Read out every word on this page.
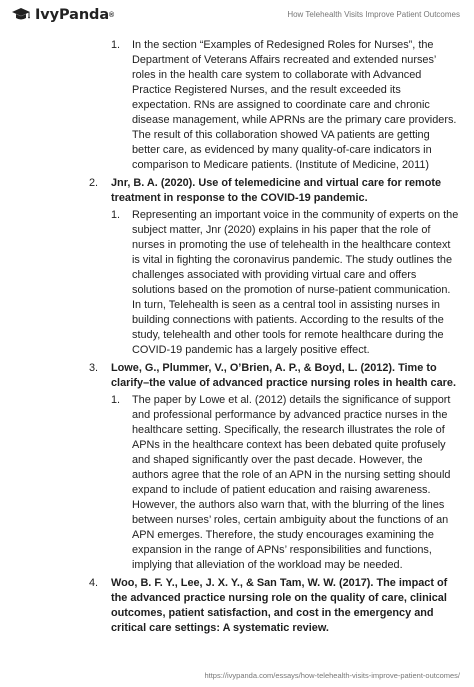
IvyPanda ®	How Telehealth Visits Improve Patient Outcomes
1. In the section “Examples of Redesigned Roles for Nurses”, the
Department of Veterans Affairs recreated and extended nurses’
roles in the health care system to collaborate with Advanced
Practice Registered Nurses, and the result exceeded its
expectation. RNs are assigned to coordinate care and chronic
disease management, while APRNs are the primary care providers.
The result of this collaboration showed VA patients are getting
better care, as evidenced by many quality-of-care indicators in
comparison to Medicare patients. (Institute of Medicine, 2011)
2. Jnr, B. A. (2020). Use of telemedicine and virtual care for remote
treatment in response to the COVID-19 pandemic.
1. Representing an important voice in the community of experts on the
subject matter, Jnr (2020) explains in his paper that the role of
nurses in promoting the use of telehealth in the healthcare context
is vital in fighting the coronavirus pandemic. The study outlines the
challenges associated with providing virtual care and offers
solutions based on the promotion of nurse-patient communication.
In turn, Telehealth is seen as a central tool in assisting nurses in
building connections with patients. According to the results of the
study, telehealth and other tools for remote healthcare during the
COVID-19 pandemic has a largely positive effect.
3. Lowe, G., Plummer, V., O’Brien, A. P., & Boyd, L. (2012). Time to
clarify–the value of advanced practice nursing roles in health care.
1. The paper by Lowe et al. (2012) details the significance of support
and professional performance by advanced practice nurses in the
healthcare setting. Specifically, the research illustrates the role of
APNs in the healthcare context has been debated quite profusely
and shaped significantly over the past decade. However, the
authors agree that the role of an APN in the nursing setting should
expand to include of patient education and raising awareness.
However, the authors also warn that, with the blurring of the lines
between nurses’ roles, certain ambiguity about the functions of an
APN emerges. Therefore, the study encourages examining the
expansion in the range of APNs’ responsibilities and functions,
implying that alleviation of the workload may be needed.
4. Woo, B. F. Y., Lee, J. X. Y., & San Tam, W. W. (2017). The impact of
the advanced practice nursing role on the quality of care, clinical
outcomes, patient satisfaction, and cost in the emergency and
critical care settings: A systematic review.
https://ivypanda.com/essays/how-telehealth-visits-improve-patient-outcomes/
